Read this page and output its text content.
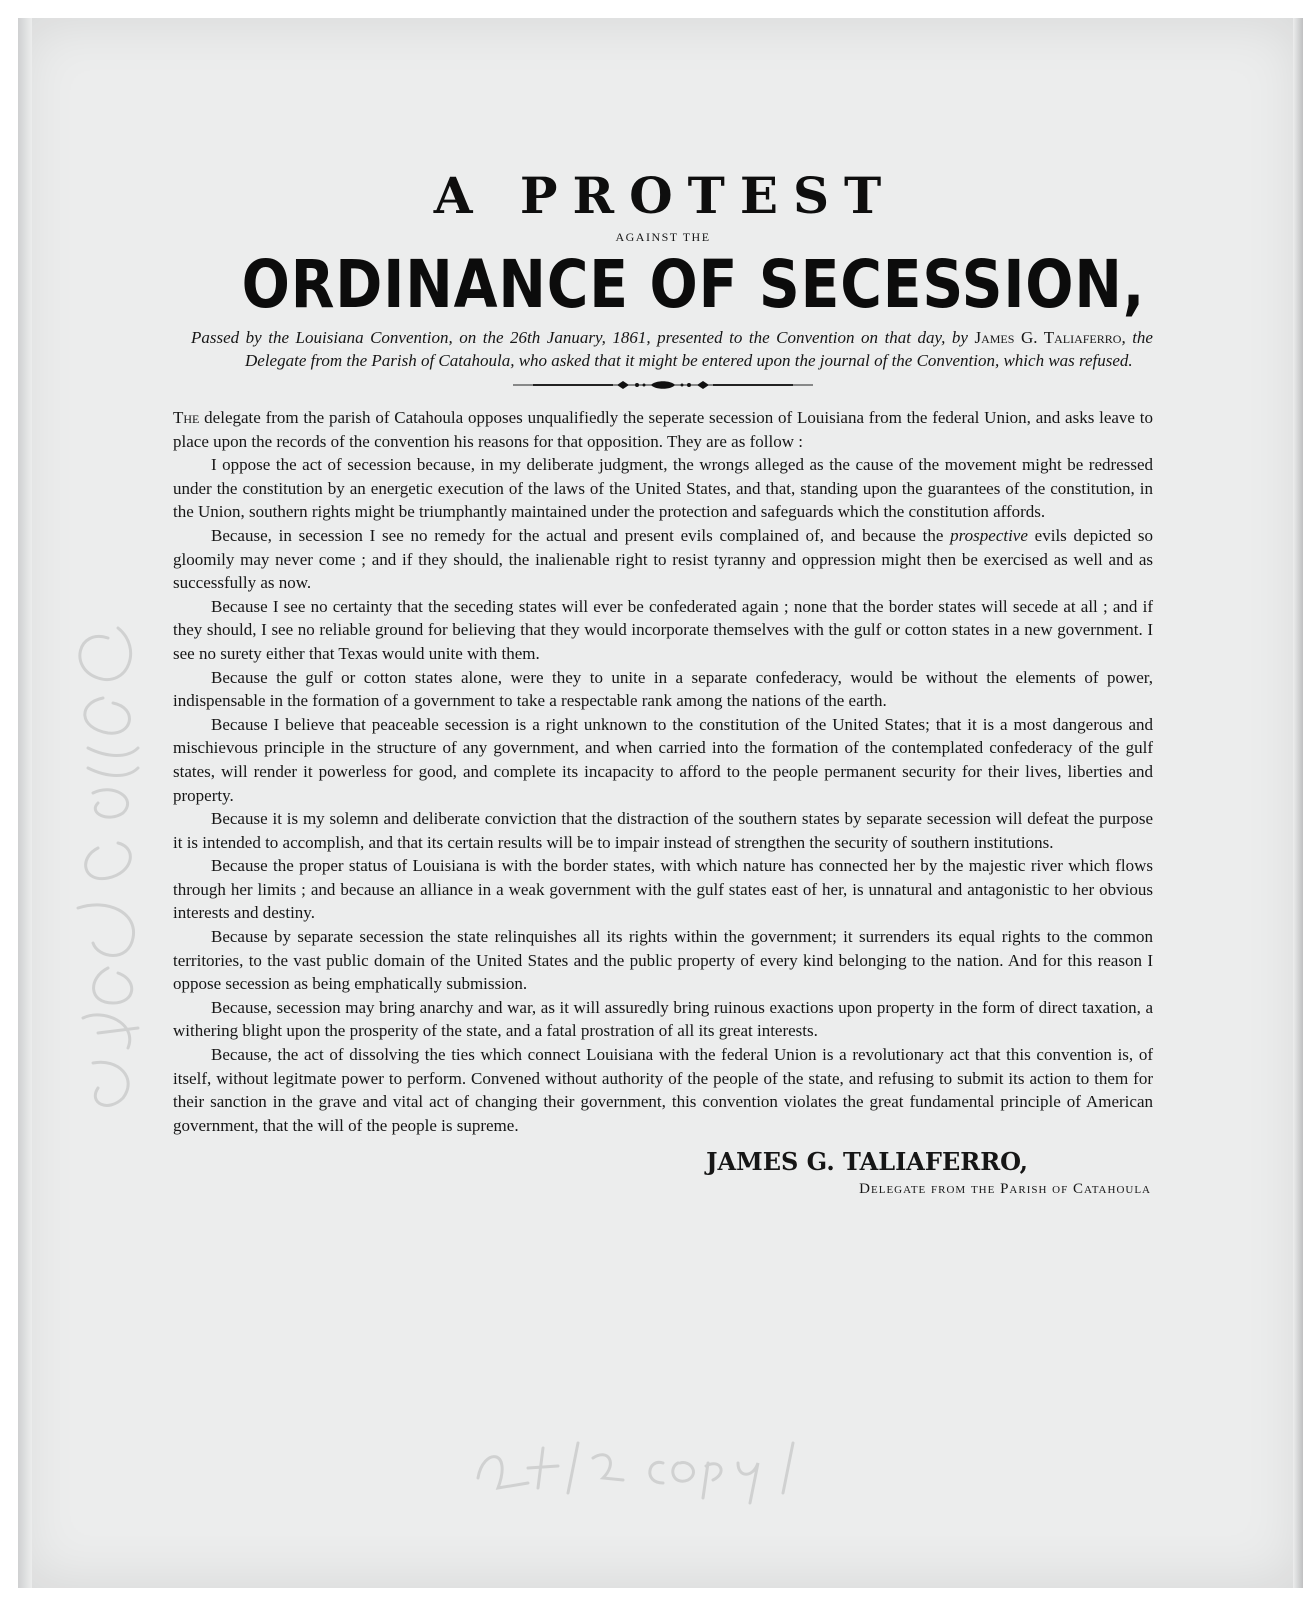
A PROTEST
AGAINST THE
ORDINANCE OF SECESSION,

Passed by the Louisiana Convention, on the 26th January, 1861, presented to the Convention on that day, by James G. Taliaferro, the Delegate from the Parish of Catahoula, who asked that it might be entered upon the journal of the Convention, which was refused.

The delegate from the parish of Catahoula opposes unqualifiedly the seperate secession of Louisiana from the federal Union, and asks leave to place upon the records of the convention his reasons for that opposition. They are as follow :

I oppose the act of secession because, in my deliberate judgment, the wrongs alleged as the cause of the movement might be redressed under the constitution by an energetic execution of the laws of the United States, and that, standing upon the guarantees of the constitution, in the Union, southern rights might be triumphantly maintained under the protection and safeguards which the constitution affords.

Because, in secession I see no remedy for the actual and present evils complained of, and because the prospective evils depicted so gloomily may never come ; and if they should, the inalienable right to resist tyranny and oppression might then be exercised as well and as successfully as now.

Because I see no certainty that the seceding states will ever be confederated again ; none that the border states will secede at all ; and if they should, I see no reliable ground for believing that they would incorporate themselves with the gulf or cotton states in a new government. I see no surety either that Texas would unite with them.

Because the gulf or cotton states alone, were they to unite in a separate confederacy, would be without the elements of power, indispensable in the formation of a government to take a respectable rank among the nations of the earth.

Because I believe that peaceable secession is a right unknown to the constitution of the United States; that it is a most dangerous and mischievous principle in the structure of any government, and when carried into the formation of the contemplated confederacy of the gulf states, will render it powerless for good, and complete its incapacity to afford to the people permanent security for their lives, liberties and property.

Because it is my solemn and deliberate conviction that the distraction of the southern states by separate secession will defeat the purpose it is intended to accomplish, and that its certain results will be to impair instead of strengthen the security of southern institutions.

Because the proper status of Louisiana is with the border states, with which nature has connected her by the majestic river which flows through her limits ; and because an alliance in a weak government with the gulf states east of her, is unnatural and antagonistic to her obvious interests and destiny.

Because by separate secession the state relinquishes all its rights within the government; it surrenders its equal rights to the common territories, to the vast public domain of the United States and the public property of every kind belonging to the nation. And for this reason I oppose secession as being emphatically submission.

Because, secession may bring anarchy and war, as it will assuredly bring ruinous exactions upon property in the form of direct taxation, a withering blight upon the prosperity of the state, and a fatal prostration of all its great interests.

Because, the act of dissolving the ties which connect Louisiana with the federal Union is a revolutionary act that this convention is, of itself, without legitmate power to perform. Convened without authority of the people of the state, and refusing to submit its action to them for their sanction in the grave and vital act of changing their government, this convention violates the great fundamental principle of American government, that the will of the people is supreme.

JAMES G. TALIAFERRO,
Delegate from the Parish of Catahoula
